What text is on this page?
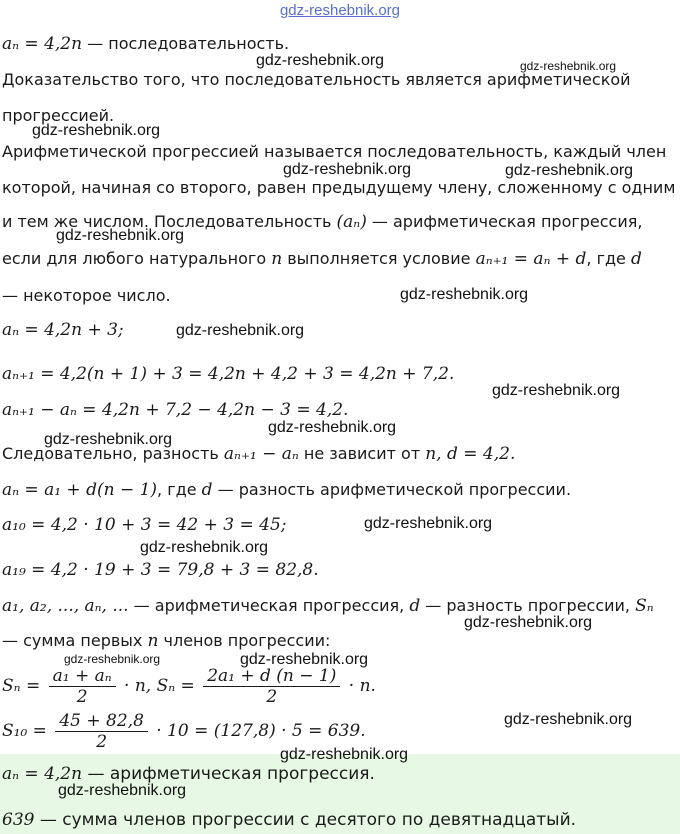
gdz-reshebnik.org
aₙ = 4,2n — последовательность.
Доказательство того, что последовательность является арифметической
прогрессией.
Арифметической прогрессией называется последовательность, каждый член
которой, начиная со второго, равен предыдущему члену, сложенному с одним
и тем же числом. Последовательность (aₙ) — арифметическая прогрессия,
если для любого натурального n выполняется условие aₙ₊₁ = aₙ + d, где d
— некоторое число.
aₙ = 4,2n + 3;
aₙ₊₁ = 4,2(n + 1) + 3 = 4,2n + 4,2 + 3 = 4,2n + 7,2.
aₙ₊₁ − aₙ = 4,2n + 7,2 − 4,2n − 3 = 4,2.
Следовательно, разность aₙ₊₁ − aₙ не зависит от n, d = 4,2.
aₙ = a₁ + d(n − 1), где d — разность арифметической прогрессии.
a₁₀ = 4,2 · 10 + 3 = 42 + 3 = 45;
a₁₉ = 4,2 · 19 + 3 = 79,8 + 3 = 82,8.
a₁, a₂, ..., aₙ, ... — арифметическая прогрессия, d — разность прогрессии, Sₙ
— сумма первых n членов прогрессии:
$S_n = \frac{\text{a₁ + aₙ}}{2} \cdot n$, $S_n = \frac{\text{2a₁ + d (n − 1)}}{2} \cdot n$.
$S_{10} = \frac{45 + 82,8}{2} \cdot 10 = (127,8) \cdot 5 = 639$.
aₙ = 4,2n — арифметическая прогрессия.
639 — сумма членов прогрессии с десятого по девятнадцатый.
gdz-reshebnik.org	gdz-reshebnik.org
gdz-reshebnik.org
gdz-reshebnik.org	gdz-reshebnik.org
gdz-reshebnik.org
gdz-reshebnik.org
gdz-reshebnik.org
gdz-reshebnik.org
gdz-reshebnik.org
gdz-reshebnik.org
gdz-reshebnik.org
gdz-reshebnik.org
gdz-reshebnik.org
gdz-reshebnik.org	gdz-reshebnik.org
gdz-reshebnik.org
gdz-reshebnik.org
gdz-reshebnik.org
